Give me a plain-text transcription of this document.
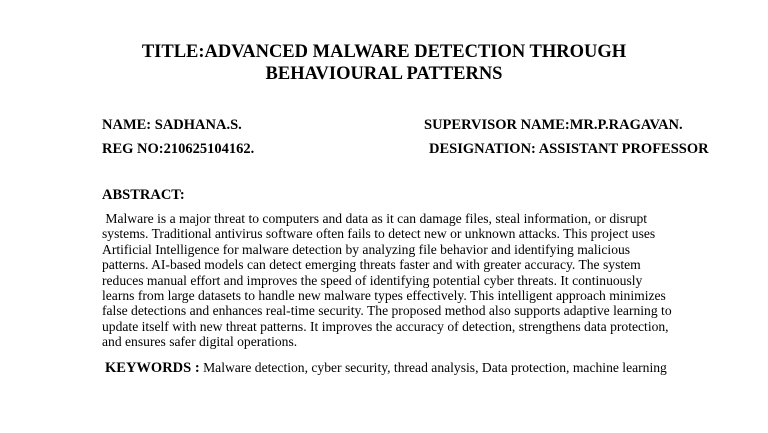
TITLE:ADVANCED MALWARE DETECTION THROUGH
BEHAVIOURAL PATTERNS
NAME: SADHANA.S.
REG NO:210625104162.
SUPERVISOR NAME:MR.P.RAGAVAN.
DESIGNATION: ASSISTANT PROFESSOR
ABSTRACT:
Malware is a major threat to computers and data as it can damage files, steal information, or disrupt
systems. Traditional antivirus software often fails to detect new or unknown attacks. This project uses
Artificial Intelligence for malware detection by analyzing file behavior and identifying malicious
patterns. AI-based models can detect emerging threats faster and with greater accuracy. The system
reduces manual effort and improves the speed of identifying potential cyber threats. It continuously
learns from large datasets to handle new malware types effectively. This intelligent approach minimizes
false detections and enhances real-time security. The proposed method also supports adaptive learning to
update itself with new threat patterns. It improves the accuracy of detection, strengthens data protection,
and ensures safer digital operations.
KEYWORDS : Malware detection, cyber security, thread analysis, Data protection, machine learning
